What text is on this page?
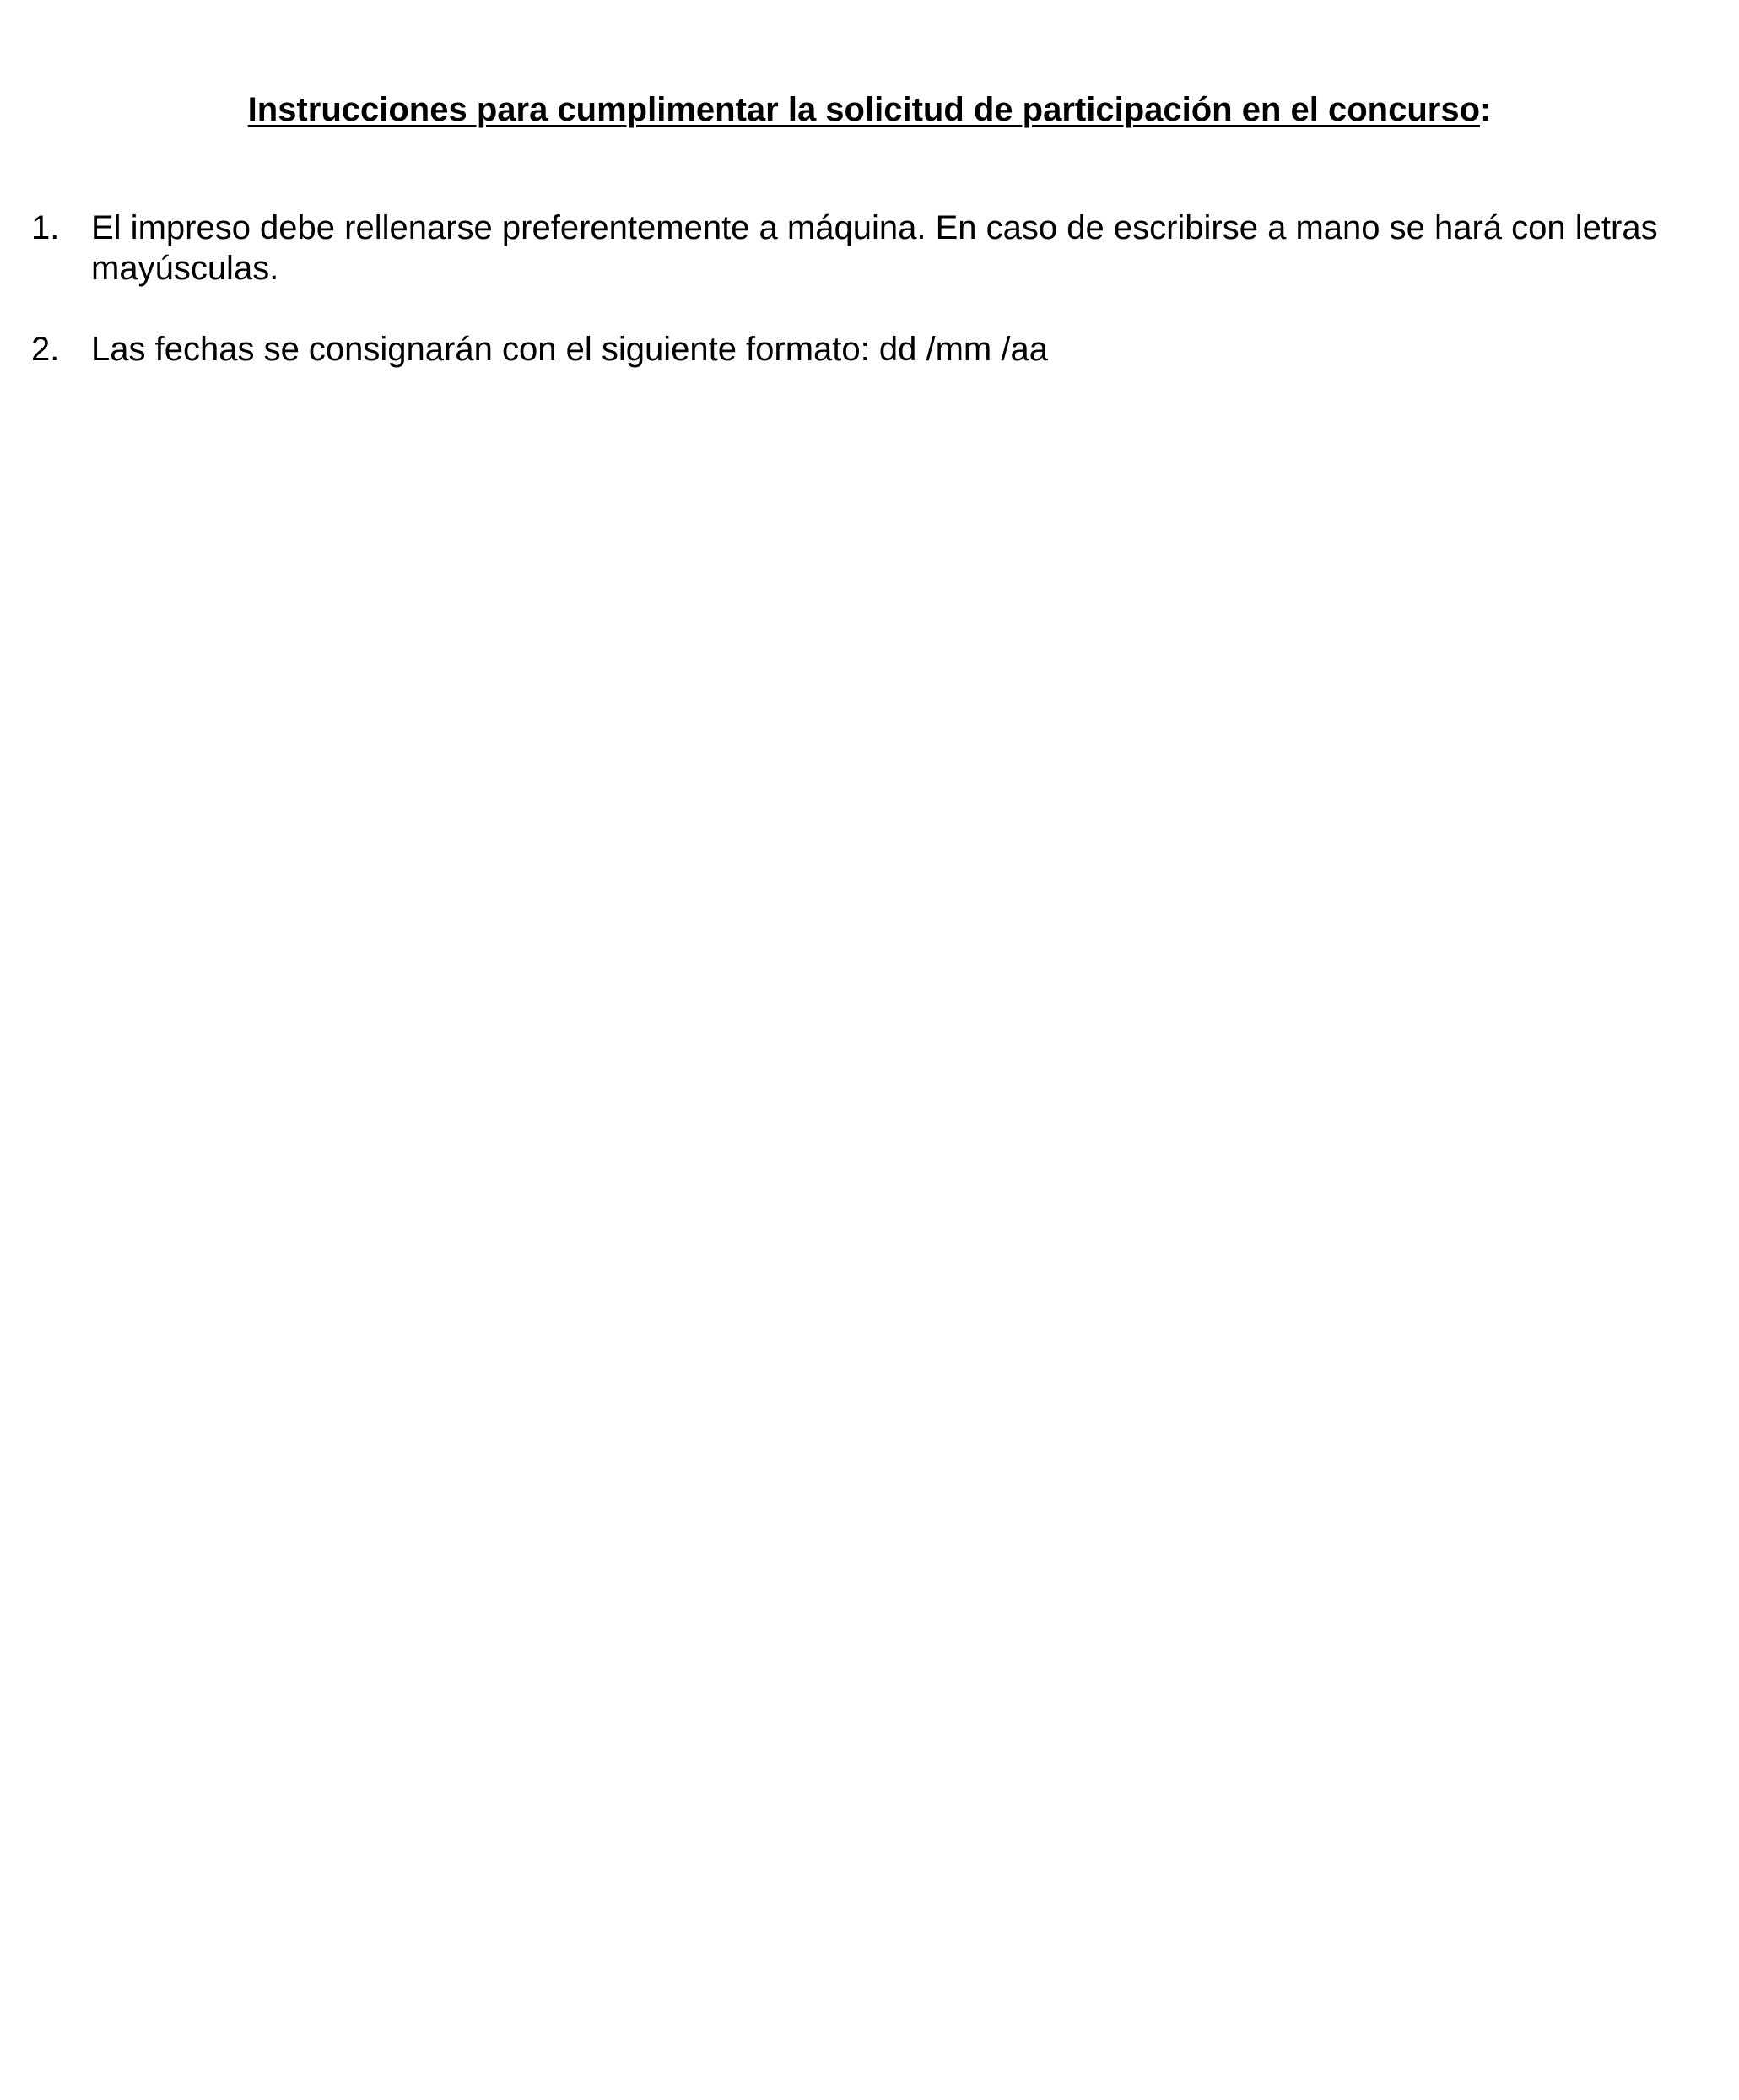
Instrucciones para cumplimentar la solicitud de participación en el concurso:
1. El impreso debe rellenarse preferentemente a máquina. En caso de escribirse a mano se hará con letras mayúsculas.
2. Las fechas se consignarán con el siguiente formato: dd /mm /aa
